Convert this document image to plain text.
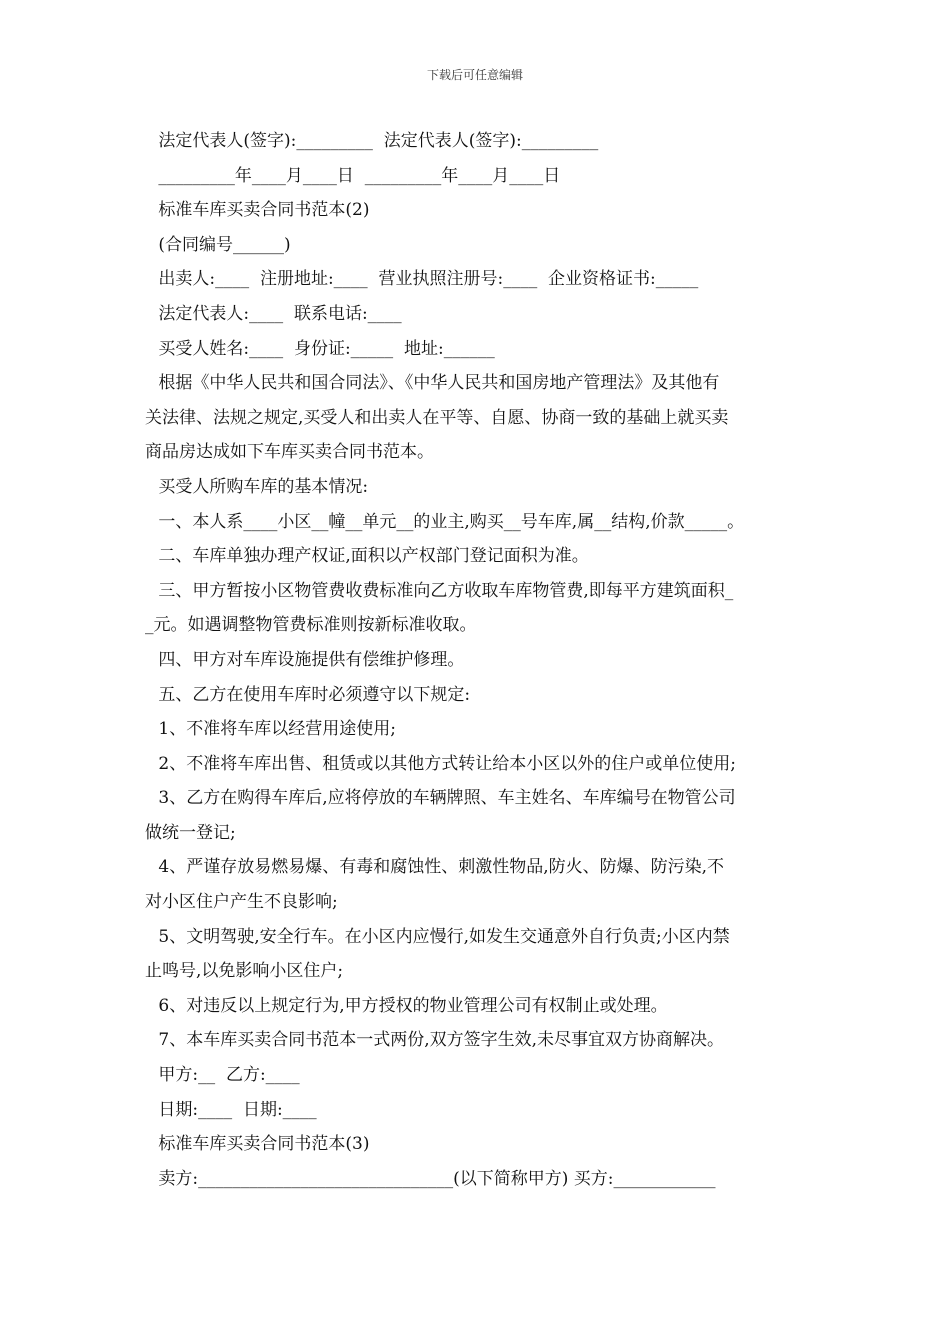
下载后可任意编辑
法定代表人(签字):_________  法定代表人(签字):_________
_________年____月____日  _________年____月____日
标准车库买卖合同书范本(2)
(合同编号______)
出卖人:____  注册地址:____  营业执照注册号:____  企业资格证书:_____
法定代表人:____  联系电话:____
买受人姓名:____  身份证:_____  地址:______
根据《中华人民共和国合同法》、《中华人民共和国房地产管理法》及其他有
关法律、法规之规定,买受人和出卖人在平等、自愿、协商一致的基础上就买卖
商品房达成如下车库买卖合同书范本。
买受人所购车库的基本情况:
一、本人系____小区__幢__单元__的业主,购买__号车库,属__结构,价款_____。
二、车库单独办理产权证,面积以产权部门登记面积为准。
三、甲方暂按小区物管费收费标准向乙方收取车库物管费,即每平方建筑面积_
_元。如遇调整物管费标准则按新标准收取。
四、甲方对车库设施提供有偿维护修理。
五、乙方在使用车库时必须遵守以下规定:
1、不准将车库以经营用途使用;
2、不准将车库出售、租赁或以其他方式转让给本小区以外的住户或单位使用;
3、乙方在购得车库后,应将停放的车辆牌照、车主姓名、车库编号在物管公司
做统一登记;
4、严谨存放易燃易爆、有毒和腐蚀性、刺激性物品,防火、防爆、防污染,不
对小区住户产生不良影响;
5、文明驾驶,安全行车。在小区内应慢行,如发生交通意外自行负责;小区内禁
止鸣号,以免影响小区住户;
6、对违反以上规定行为,甲方授权的物业管理公司有权制止或处理。
7、本车库买卖合同书范本一式两份,双方签字生效,未尽事宜双方协商解决。
甲方:__  乙方:____
日期:____  日期:____
标准车库买卖合同书范本(3)
卖方:______________________________(以下简称甲方) 买方:____________
